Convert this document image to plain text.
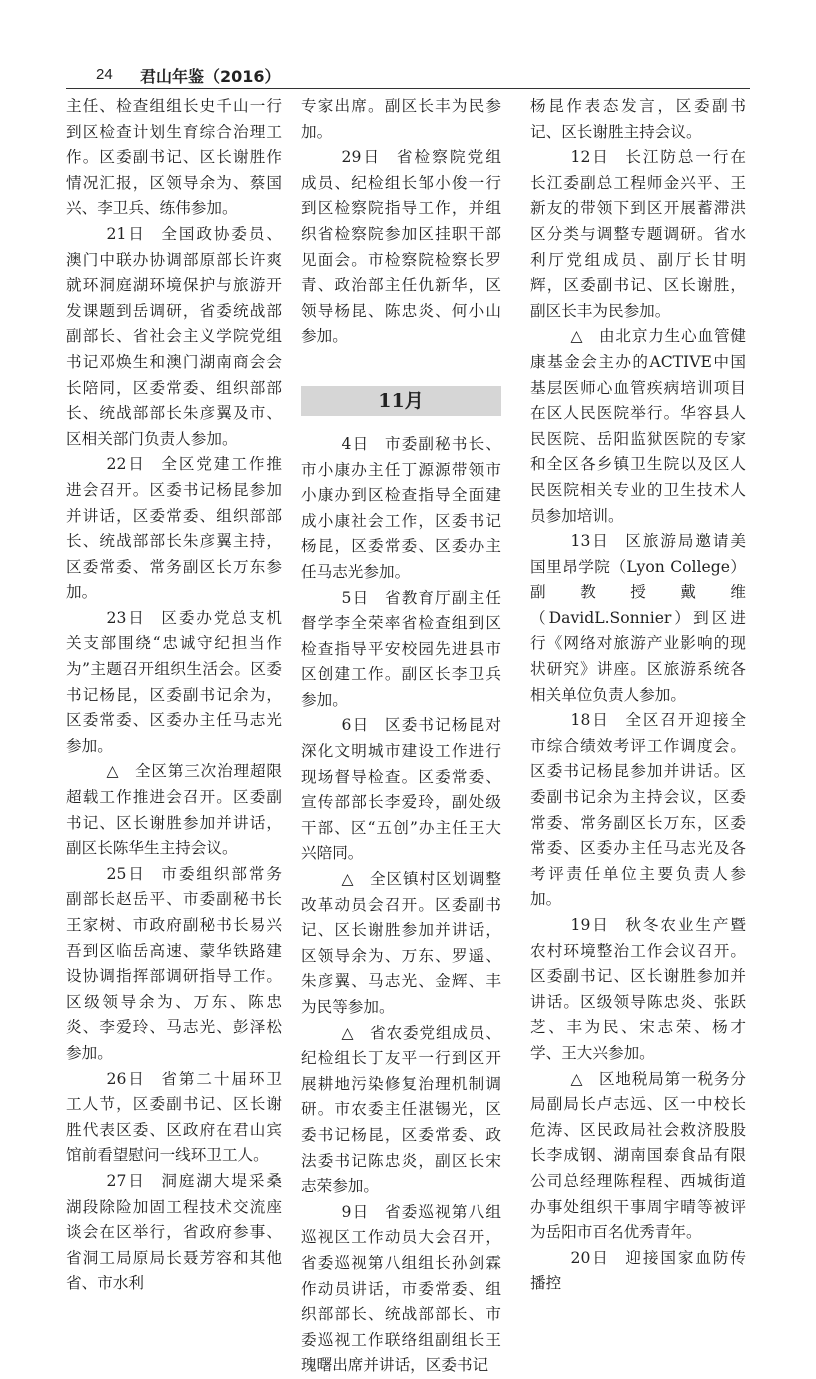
24 君山年鉴（2016）

主任、检查组组长史千山一行到区检查计划生育综合治理工作。区委副书记、区长谢胜作情况汇报，区领导余为、蔡国兴、李卫兵、练伟参加。

21日 全国政协委员、澳门中联办协调部原部长许爽就环洞庭湖环境保护与旅游开发课题到岳调研，省委统战部副部长、省社会主义学院党组书记邓焕生和澳门湖南商会会长陪同，区委常委、组织部部长、统战部部长朱彦翼及市、区相关部门负责人参加。

22日 全区党建工作推进会召开。区委书记杨昆参加并讲话，区委常委、组织部部长、统战部部长朱彦翼主持，区委常委、常务副区长万东参加。

23日 区委办党总支机关支部围绕“忠诚守纪担当作为”主题召开组织生活会。区委书记杨昆，区委副书记余为，区委常委、区委办主任马志光参加。

△ 全区第三次治理超限超载工作推进会召开。区委副书记、区长谢胜参加并讲话，副区长陈华生主持会议。

25日 市委组织部常务副部长赵岳平、市委副秘书长王家树、市政府副秘书长易兴吾到区临岳高速、蒙华铁路建设协调指挥部调研指导工作。区级领导余为、万东、陈忠炎、李爱玲、马志光、彭泽松参加。

26日 省第二十届环卫工人节，区委副书记、区长谢胜代表区委、区政府在君山宾馆前看望慰问一线环卫工人。

27日 洞庭湖大堤采桑湖段除险加固工程技术交流座谈会在区举行，省政府参事、省洞工局原局长聂芳容和其他省、市水利

专家出席。副区长丰为民参加。

29日 省检察院党组成员、纪检组长邹小俊一行到区检察院指导工作，并组织省检察院参加区挂职干部见面会。市检察院检察长罗青、政治部主任仇新华，区领导杨昆、陈忠炎、何小山参加。

11月

4日 市委副秘书长、市小康办主任丁源源带领市小康办到区检查指导全面建成小康社会工作，区委书记杨昆，区委常委、区委办主任马志光参加。

5日 省教育厅副主任督学李全荣率省检查组到区检查指导平安校园先进县市区创建工作。副区长李卫兵参加。

6日 区委书记杨昆对深化文明城市建设工作进行现场督导检查。区委常委、宣传部部长李爱玲，副处级干部、区“五创”办主任王大兴陪同。

△ 全区镇村区划调整改革动员会召开。区委副书记、区长谢胜参加并讲话，区领导余为、万东、罗遥、朱彦翼、马志光、金辉、丰为民等参加。

△ 省农委党组成员、纪检组长丁友平一行到区开展耕地污染修复治理机制调研。市农委主任湛锡光，区委书记杨昆，区委常委、政法委书记陈忠炎，副区长宋志荣参加。

9日 省委巡视第八组巡视区工作动员大会召开，省委巡视第八组组长孙剑霖作动员讲话，市委常委、组织部部长、统战部部长、市委巡视工作联络组副组长王瑰曙出席并讲话，区委书记

杨昆作表态发言，区委副书记、区长谢胜主持会议。

12日 长江防总一行在长江委副总工程师金兴平、王新友的带领下到区开展蓄滞洪区分类与调整专题调研。省水利厅党组成员、副厅长甘明辉，区委副书记、区长谢胜，副区长丰为民参加。

△ 由北京力生心血管健康基金会主办的ACTIVE中国基层医师心血管疾病培训项目在区人民医院举行。华容县人民医院、岳阳监狱医院的专家和全区各乡镇卫生院以及区人民医院相关专业的卫生技术人员参加培训。

13日 区旅游局邀请美国里昂学院（Lyon College）副教授戴维（DavidL.Sonnier）到区进行《网络对旅游产业影响的现状研究》讲座。区旅游系统各相关单位负责人参加。

18日 全区召开迎接全市综合绩效考评工作调度会。区委书记杨昆参加并讲话。区委副书记余为主持会议，区委常委、常务副区长万东，区委常委、区委办主任马志光及各考评责任单位主要负责人参加。

19日 秋冬农业生产暨农村环境整治工作会议召开。区委副书记、区长谢胜参加并讲话。区级领导陈忠炎、张跃芝、丰为民、宋志荣、杨才学、王大兴参加。

△ 区地税局第一税务分局副局长卢志远、区一中校长危涛、区民政局社会救济股股长李成钢、湖南国泰食品有限公司总经理陈程程、西城街道办事处组织干事周宇晴等被评为岳阳市百名优秀青年。

20日 迎接国家血防传播控
